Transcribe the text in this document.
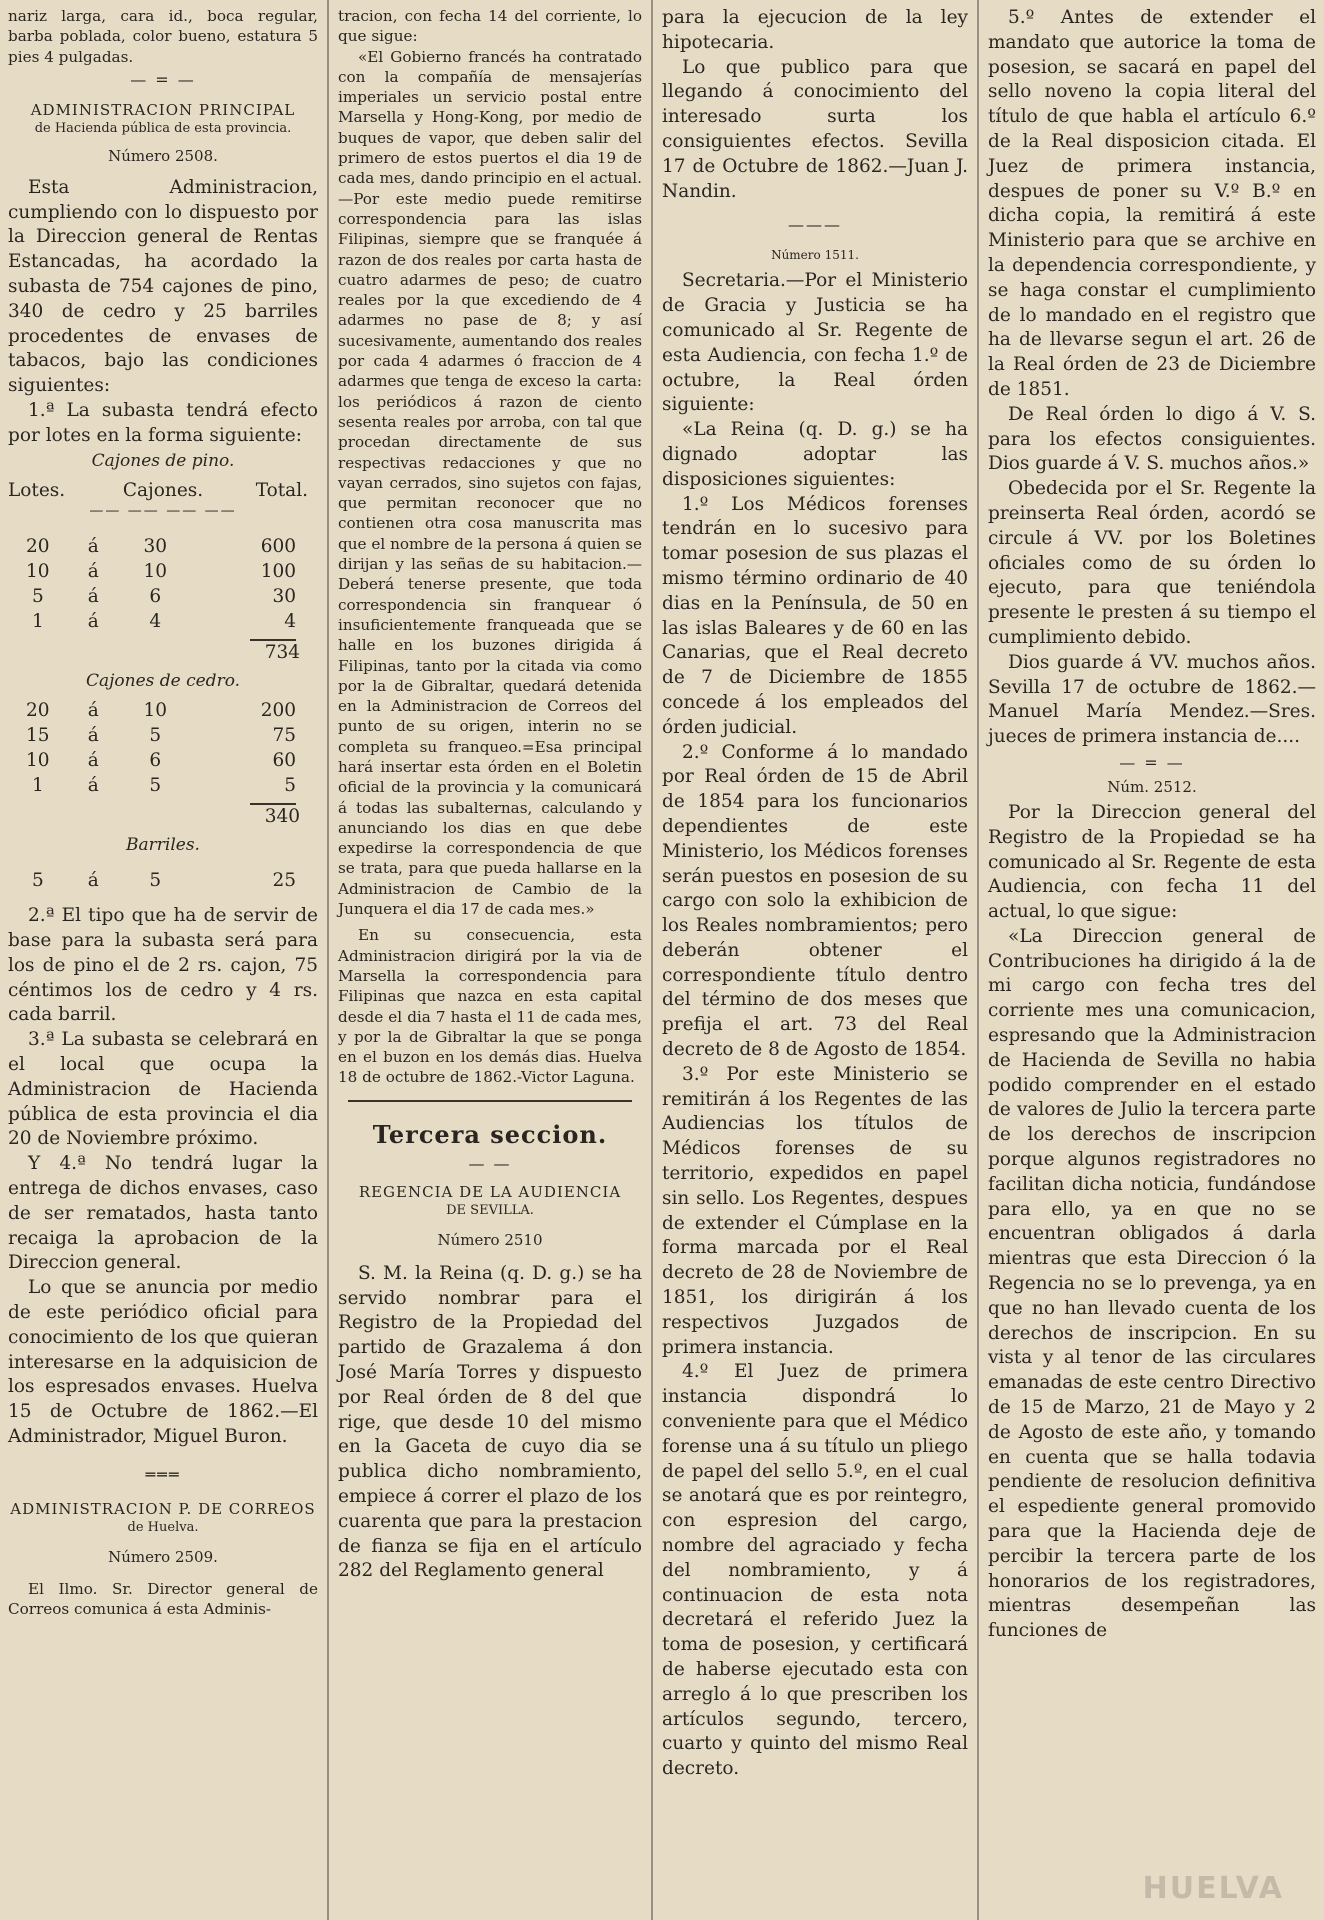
nariz larga, cara id., boca regular, barba poblada, color bueno, estatura 5 pies 4 pulgadas.

— = —

ADMINISTRACION PRINCIPAL

de Hacienda pública de esta provincia.

Número 2508.

Esta Administracion, cumpliendo con lo dispuesto por la Direccion general de Rentas Estancadas, ha acordado la subasta de 754 cajones de pino, 340 de cedro y 25 barriles procedentes de envases de tabacos, bajo las condiciones siguientes:

1.ª La subasta tendrá efecto por lotes en la forma siguiente:

Cajones de pino.
Lotes.	Cajones.	Total.
—— —— —— ——
20	á	30	600
10	á	10	100
5	á	6	30
1	á	4	4
734
Cajones de cedro.
20	á	10	200
15	á	5	75
10	á	6	60
1	á	5	5
340
Barriles.
5	á	5	25

2.ª El tipo que ha de servir de base para la subasta será para los de pino el de 2 rs. cajon, 75 céntimos los de cedro y 4 rs. cada barril.

3.ª La subasta se celebrará en el local que ocupa la Administracion de Hacienda pública de esta provincia el dia 20 de Noviembre próximo.

Y 4.ª No tendrá lugar la entrega de dichos envases, caso de ser rematados, hasta tanto recaiga la aprobacion de la Direccion general.

Lo que se anuncia por medio de este periódico oficial para conocimiento de los que quieran interesarse en la adquisicion de los espresados envases. Huelva 15 de Octubre de 1862.—El Administrador, Miguel Buron.

═══

ADMINISTRACION P. DE CORREOS

de Huelva.

Número 2509.

El Ilmo. Sr. Director general de Correos comunica á esta Adminis-

tracion, con fecha 14 del corriente, lo que sigue:

«El Gobierno francés ha contratado con la compañía de mensajerías imperiales un servicio postal entre Marsella y Hong-Kong, por medio de buques de vapor, que deben salir del primero de estos puertos el dia 19 de cada mes, dando principio en el actual.—Por este medio puede remitirse correspondencia para las islas Filipinas, siempre que se franquée á razon de dos reales por carta hasta de cuatro adarmes de peso; de cuatro reales por la que excediendo de 4 adarmes no pase de 8; y así sucesivamente, aumentando dos reales por cada 4 adarmes ó fraccion de 4 adarmes que tenga de exceso la carta: los periódicos á razon de ciento sesenta reales por arroba, con tal que procedan directamente de sus respectivas redacciones y que no vayan cerrados, sino sujetos con fajas, que permitan reconocer que no contienen otra cosa manuscrita mas que el nombre de la persona á quien se dirijan y las señas de su habitacion.—Deberá tenerse presente, que toda correspondencia sin franquear ó insuficientemente franqueada que se halle en los buzones dirigida á Filipinas, tanto por la citada via como por la de Gibraltar, quedará detenida en la Administracion de Correos del punto de su origen, interin no se completa su franqueo.=Esa principal hará insertar esta órden en el Boletin oficial de la provincia y la comunicará á todas las subalternas, calculando y anunciando los dias en que debe expedirse la correspondencia de que se trata, para que pueda hallarse en la Administracion de Cambio de la Junquera el dia 17 de cada mes.»

En su consecuencia, esta Administracion dirigirá por la via de Marsella la correspondencia para Filipinas que nazca en esta capital desde el dia 7 hasta el 11 de cada mes, y por la de Gibraltar la que se ponga en el buzon en los demás dias. Huelva 18 de octubre de 1862.-Victor Laguna.

Tercera seccion.

— —

REGENCIA DE LA AUDIENCIA

DE SEVILLA.

Número 2510

S. M. la Reina (q. D. g.) se ha servido nombrar para el Registro de la Propiedad del partido de Grazalema á don José María Torres y dispuesto por Real órden de 8 del que rige, que desde 10 del mismo en la Gaceta de cuyo dia se publica dicho nombramiento, empiece á correr el plazo de los cuarenta que para la prestacion de fianza se fija en el artículo 282 del Reglamento general

para la ejecucion de la ley hipotecaria.

Lo que publico para que llegando á conocimiento del interesado surta los consiguientes efectos. Sevilla 17 de Octubre de 1862.—Juan J. Nandin.

———

Número 1511.

Secretaria.—Por el Ministerio de Gracia y Justicia se ha comunicado al Sr. Regente de esta Audiencia, con fecha 1.º de octubre, la Real órden siguiente:

«La Reina (q. D. g.) se ha dignado adoptar las disposiciones siguientes:

1.º Los Médicos forenses tendrán en lo sucesivo para tomar posesion de sus plazas el mismo término ordinario de 40 dias en la Península, de 50 en las islas Baleares y de 60 en las Canarias, que el Real decreto de 7 de Diciembre de 1855 concede á los empleados del órden judicial.

2.º Conforme á lo mandado por Real órden de 15 de Abril de 1854 para los funcionarios dependientes de este Ministerio, los Médicos forenses serán puestos en posesion de su cargo con solo la exhibicion de los Reales nombramientos; pero deberán obtener el correspondiente título dentro del término de dos meses que prefija el art. 73 del Real decreto de 8 de Agosto de 1854.

3.º Por este Ministerio se remitirán á los Regentes de las Audiencias los títulos de Médicos forenses de su territorio, expedidos en papel sin sello. Los Regentes, despues de extender el Cúmplase en la forma marcada por el Real decreto de 28 de Noviembre de 1851, los dirigirán á los respectivos Juzgados de primera instancia.

4.º El Juez de primera instancia dispondrá lo conveniente para que el Médico forense una á su título un pliego de papel del sello 5.º, en el cual se anotará que es por reintegro, con espresion del cargo, nombre del agraciado y fecha del nombramiento, y á continuacion de esta nota decretará el referido Juez la toma de posesion, y certificará de haberse ejecutado esta con arreglo á lo que prescriben los artículos segundo, tercero, cuarto y quinto del mismo Real decreto.

5.º Antes de extender el mandato que autorice la toma de posesion, se sacará en papel del sello noveno la copia literal del título de que habla el artículo 6.º de la Real disposicion citada. El Juez de primera instancia, despues de poner su V.º B.º en dicha copia, la remitirá á este Ministerio para que se archive en la dependencia correspondiente, y se haga constar el cumplimiento de lo mandado en el registro que ha de llevarse segun el art. 26 de la Real órden de 23 de Diciembre de 1851.

De Real órden lo digo á V. S. para los efectos consiguientes. Dios guarde á V. S. muchos años.»

Obedecida por el Sr. Regente la preinserta Real órden, acordó se circule á VV. por los Boletines oficiales como de su órden lo ejecuto, para que teniéndola presente le presten á su tiempo el cumplimiento debido.

Dios guarde á VV. muchos años. Sevilla 17 de octubre de 1862.—Manuel María Mendez.—Sres. jueces de primera instancia de....

— = —

Núm. 2512.

Por la Direccion general del Registro de la Propiedad se ha comunicado al Sr. Regente de esta Audiencia, con fecha 11 del actual, lo que sigue:

«La Direccion general de Contribuciones ha dirigido á la de mi cargo con fecha tres del corriente mes una comunicacion, espresando que la Administracion de Hacienda de Sevilla no habia podido comprender en el estado de valores de Julio la tercera parte de los derechos de inscripcion porque algunos registradores no facilitan dicha noticia, fundándose para ello, ya en que no se encuentran obligados á darla mientras que esta Direccion ó la Regencia no se lo prevenga, ya en que no han llevado cuenta de los derechos de inscripcion. En su vista y al tenor de las circulares emanadas de este centro Directivo de 15 de Marzo, 21 de Mayo y 2 de Agosto de este año, y tomando en cuenta que se halla todavia pendiente de resolucion definitiva el espediente general promovido para que la Hacienda deje de percibir la tercera parte de los honorarios de los registradores, mientras desempeñan las funciones de

HUELVA
